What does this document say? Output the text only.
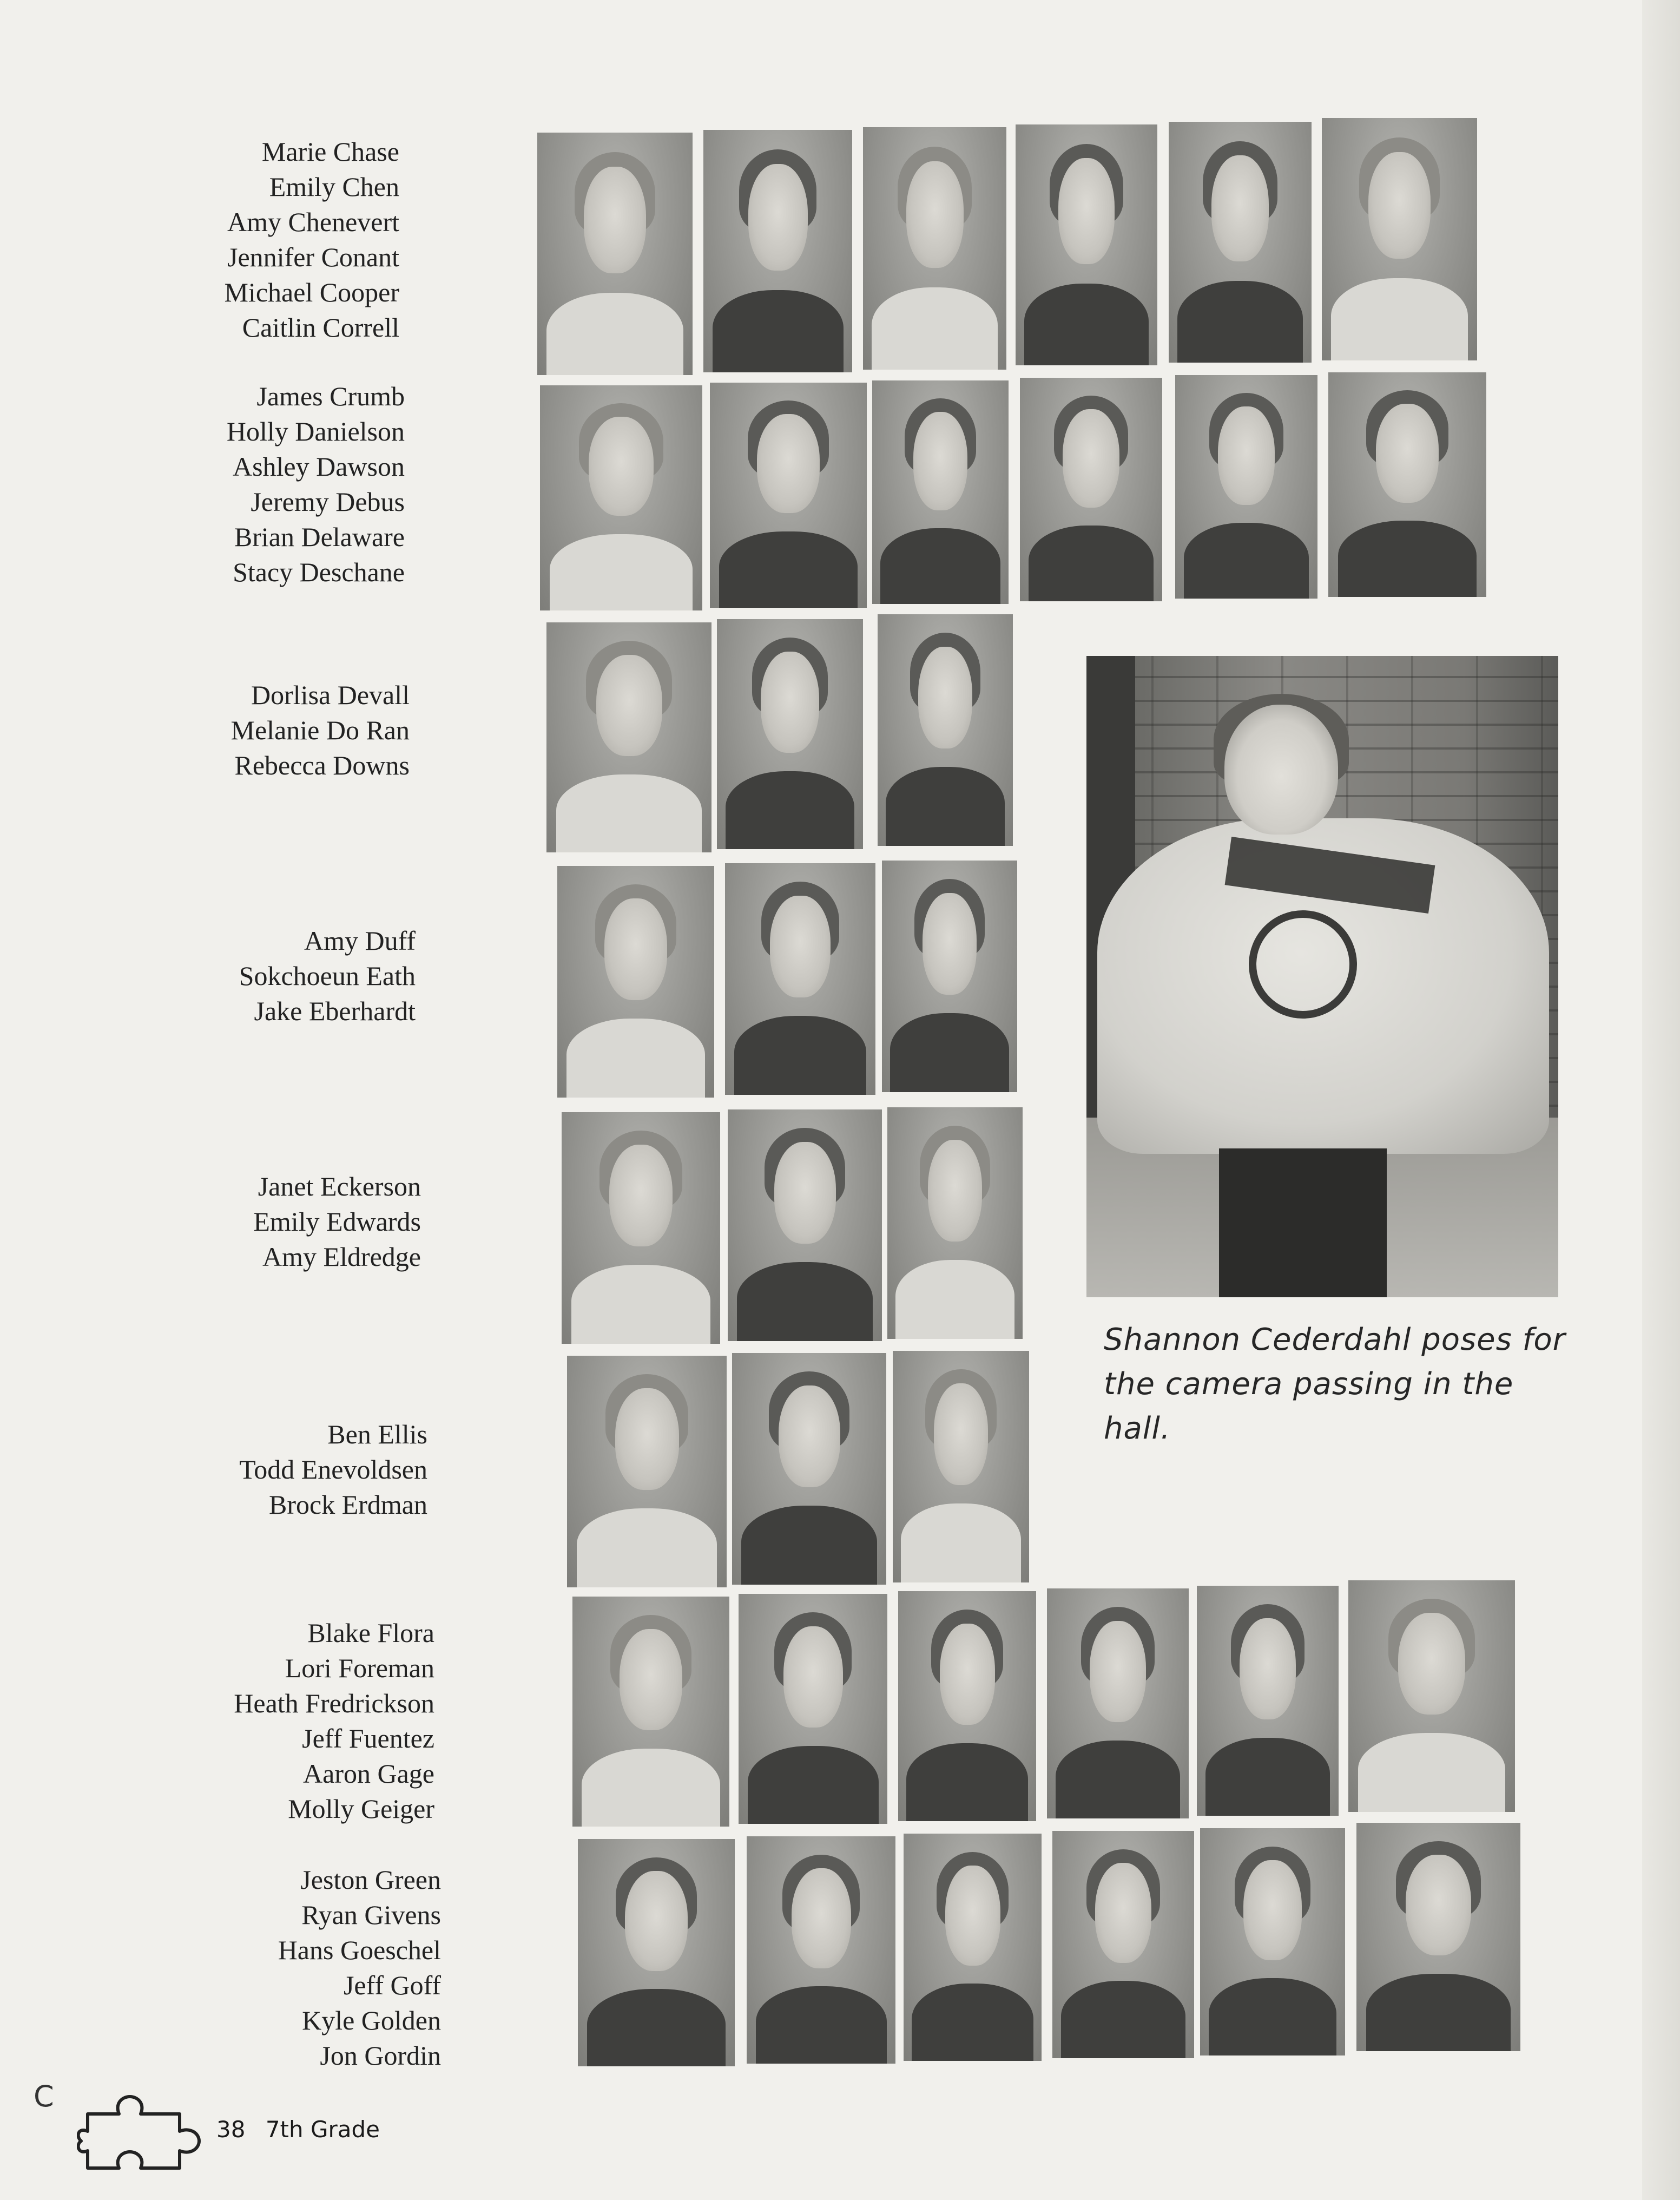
Marie Chase
Emily Chen
Amy Chenevert
Jennifer Conant
Michael Cooper
Caitlin Correll
James Crumb
Holly Danielson
Ashley Dawson
Jeremy Debus
Brian Delaware
Stacy Deschane
Dorlisa Devall
Melanie Do Ran
Rebecca Downs
Amy Duff
Sokchoeun Eath
Jake Eberhardt
Janet Eckerson
Emily Edwards
Amy Eldredge
Ben Ellis
Todd Enevoldsen
Brock Erdman
Blake Flora
Lori Foreman
Heath Fredrickson
Jeff Fuentez
Aaron Gage
Molly Geiger
Jeston Green
Ryan Givens
Hans Goeschel
Jeff Goff
Kyle Golden
Jon Gordin
Shannon Cederdahl poses for the camera passing in the hall.
C
38 7th Grade
